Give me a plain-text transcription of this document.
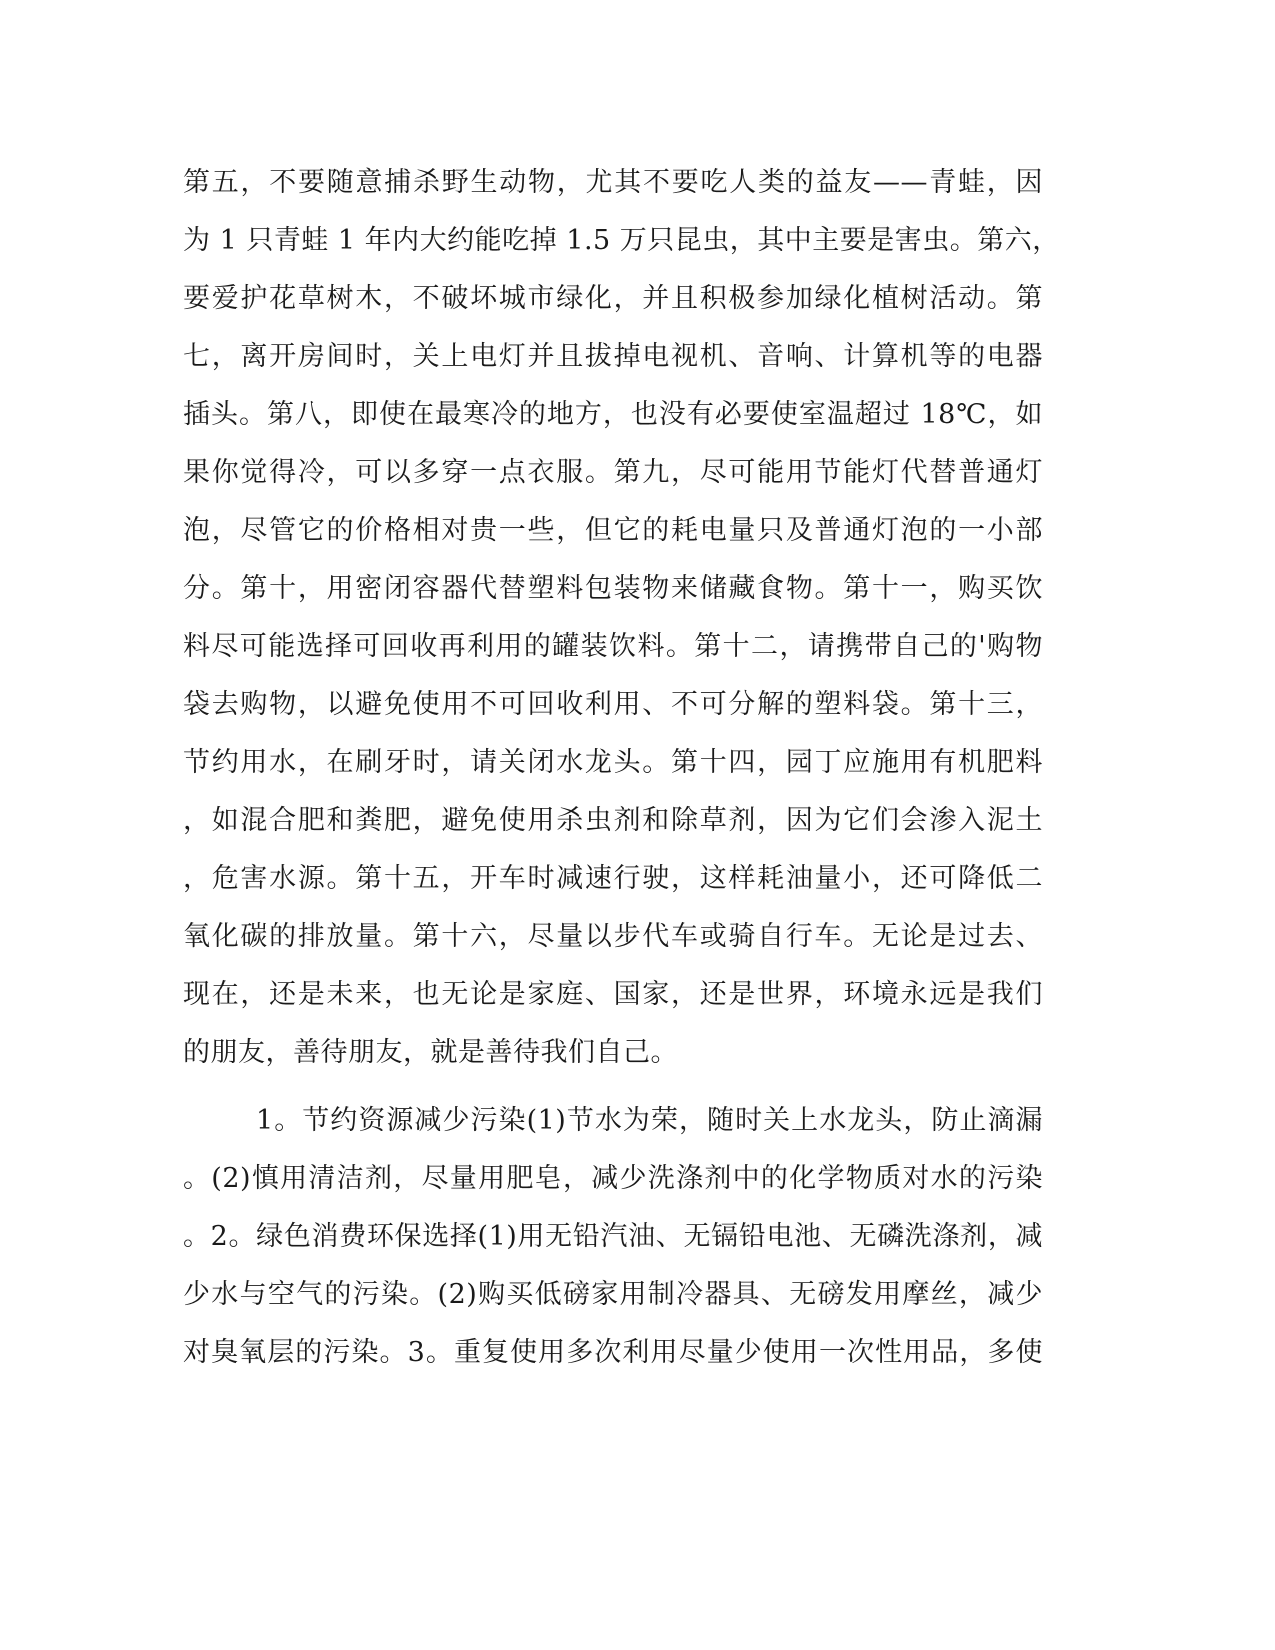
第五，不要随意捕杀野生动物，尤其不要吃人类的益友——青蛙，因
为 1 只青蛙 1 年内大约能吃掉 1.5 万只昆虫，其中主要是害虫。第六，
要爱护花草树木，不破坏城市绿化，并且积极参加绿化植树活动。第
七，离开房间时，关上电灯并且拔掉电视机、音响、计算机等的电器
插头。第八，即使在最寒冷的地方，也没有必要使室温超过 18℃，如
果你觉得冷，可以多穿一点衣服。第九，尽可能用节能灯代替普通灯
泡，尽管它的价格相对贵一些，但它的耗电量只及普通灯泡的一小部
分。第十，用密闭容器代替塑料包装物来储藏食物。第十一，购买饮
料尽可能选择可回收再利用的罐装饮料。第十二，请携带自己的'购物
袋去购物，以避免使用不可回收利用、不可分解的塑料袋。第十三，
节约用水，在刷牙时，请关闭水龙头。第十四，园丁应施用有机肥料
，如混合肥和粪肥，避免使用杀虫剂和除草剂，因为它们会渗入泥土
，危害水源。第十五，开车时减速行驶，这样耗油量小，还可降低二
氧化碳的排放量。第十六，尽量以步代车或骑自行车。无论是过去、
现在，还是未来，也无论是家庭、国家，还是世界，环境永远是我们
的朋友，善待朋友，就是善待我们自己。
1。节约资源减少污染(1)节水为荣，随时关上水龙头，防止滴漏
。(2)慎用清洁剂，尽量用肥皂，减少洗涤剂中的化学物质对水的污染
。2。绿色消费环保选择(1)用无铅汽油、无镉铅电池、无磷洗涤剂，减
少水与空气的污染。(2)购买低磅家用制冷器具、无磅发用摩丝，减少
对臭氧层的污染。3。重复使用多次利用尽量少使用一次性用品，多使
